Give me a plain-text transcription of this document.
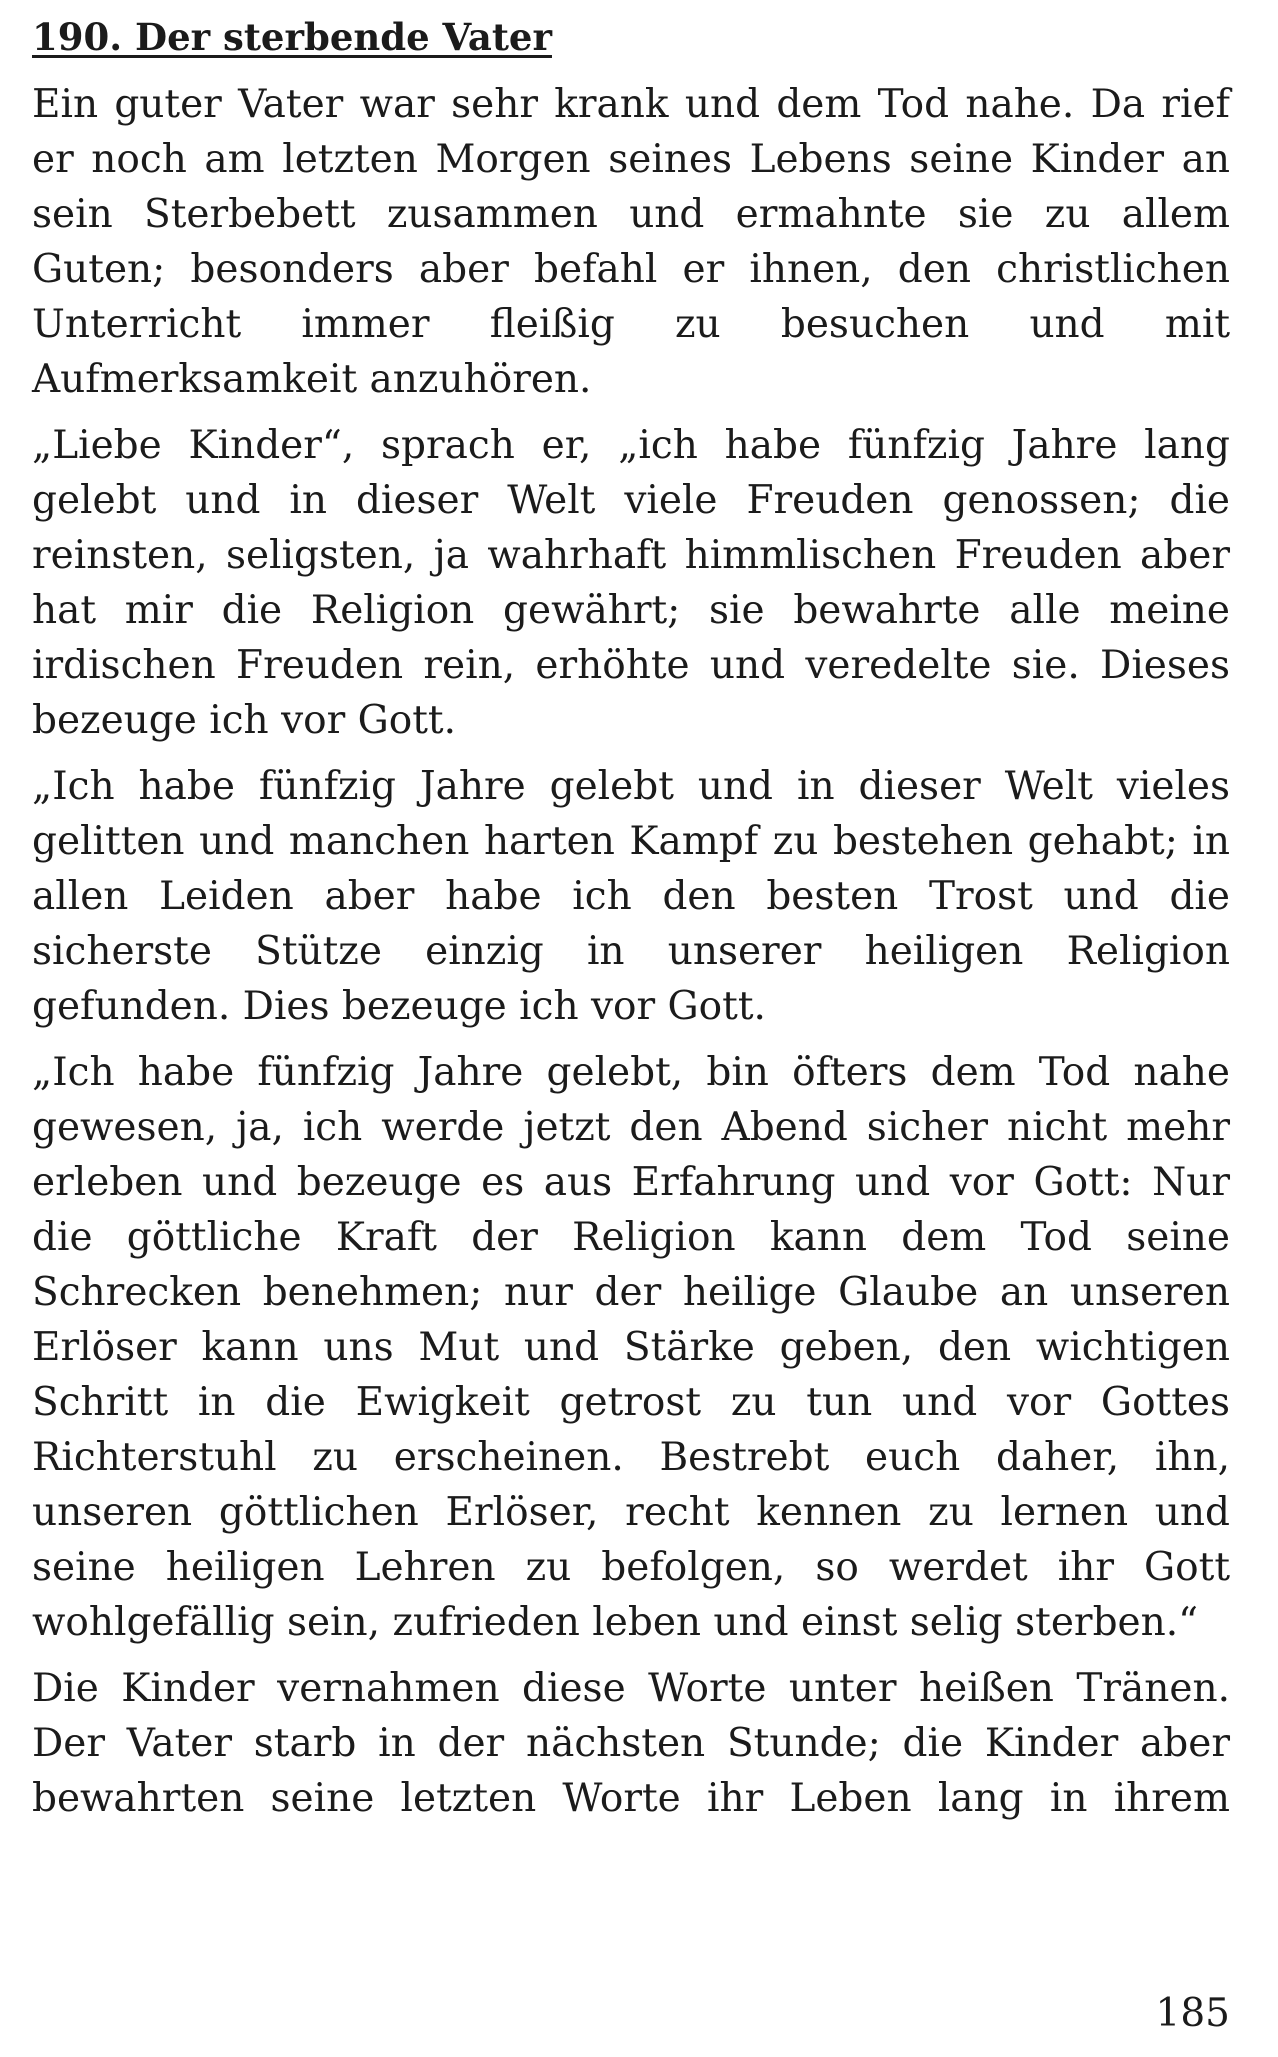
190. Der sterbende Vater

Ein guter Vater war sehr krank und dem Tod nahe. Da rief er noch am letzten Morgen seines Lebens seine Kinder an sein Sterbebett zusammen und ermahnte sie zu allem Guten; besonders aber befahl er ihnen, den christlichen Unterricht immer fleißig zu besuchen und mit Aufmerksamkeit anzuhören.

„Liebe Kinder“, sprach er, „ich habe fünfzig Jahre lang gelebt und in dieser Welt viele Freuden genossen; die reinsten, seligsten, ja wahrhaft himmlischen Freuden aber hat mir die Religion gewährt; sie bewahrte alle meine irdischen Freuden rein, erhöhte und veredelte sie. Dieses bezeuge ich vor Gott.

„Ich habe fünfzig Jahre gelebt und in dieser Welt vieles gelitten und manchen harten Kampf zu bestehen gehabt; in allen Leiden aber habe ich den besten Trost und die sicherste Stütze einzig in unserer heiligen Religion gefunden. Dies bezeuge ich vor Gott.

„Ich habe fünfzig Jahre gelebt, bin öfters dem Tod nahe gewesen, ja, ich werde jetzt den Abend sicher nicht mehr erleben und bezeuge es aus Erfahrung und vor Gott: Nur die göttliche Kraft der Religion kann dem Tod seine Schrecken benehmen; nur der heilige Glaube an unseren Erlöser kann uns Mut und Stärke geben, den wichtigen Schritt in die Ewigkeit getrost zu tun und vor Gottes Richterstuhl zu erscheinen. Bestrebt euch daher, ihn, unseren göttlichen Erlöser, recht kennen zu lernen und seine heiligen Lehren zu befolgen, so werdet ihr Gott wohlgefällig sein, zufrieden leben und einst selig sterben.“

Die Kinder vernahmen diese Worte unter heißen Tränen. Der Vater starb in der nächsten Stunde; die Kinder aber bewahrten seine letzten Worte ihr Leben lang in ihrem

185
